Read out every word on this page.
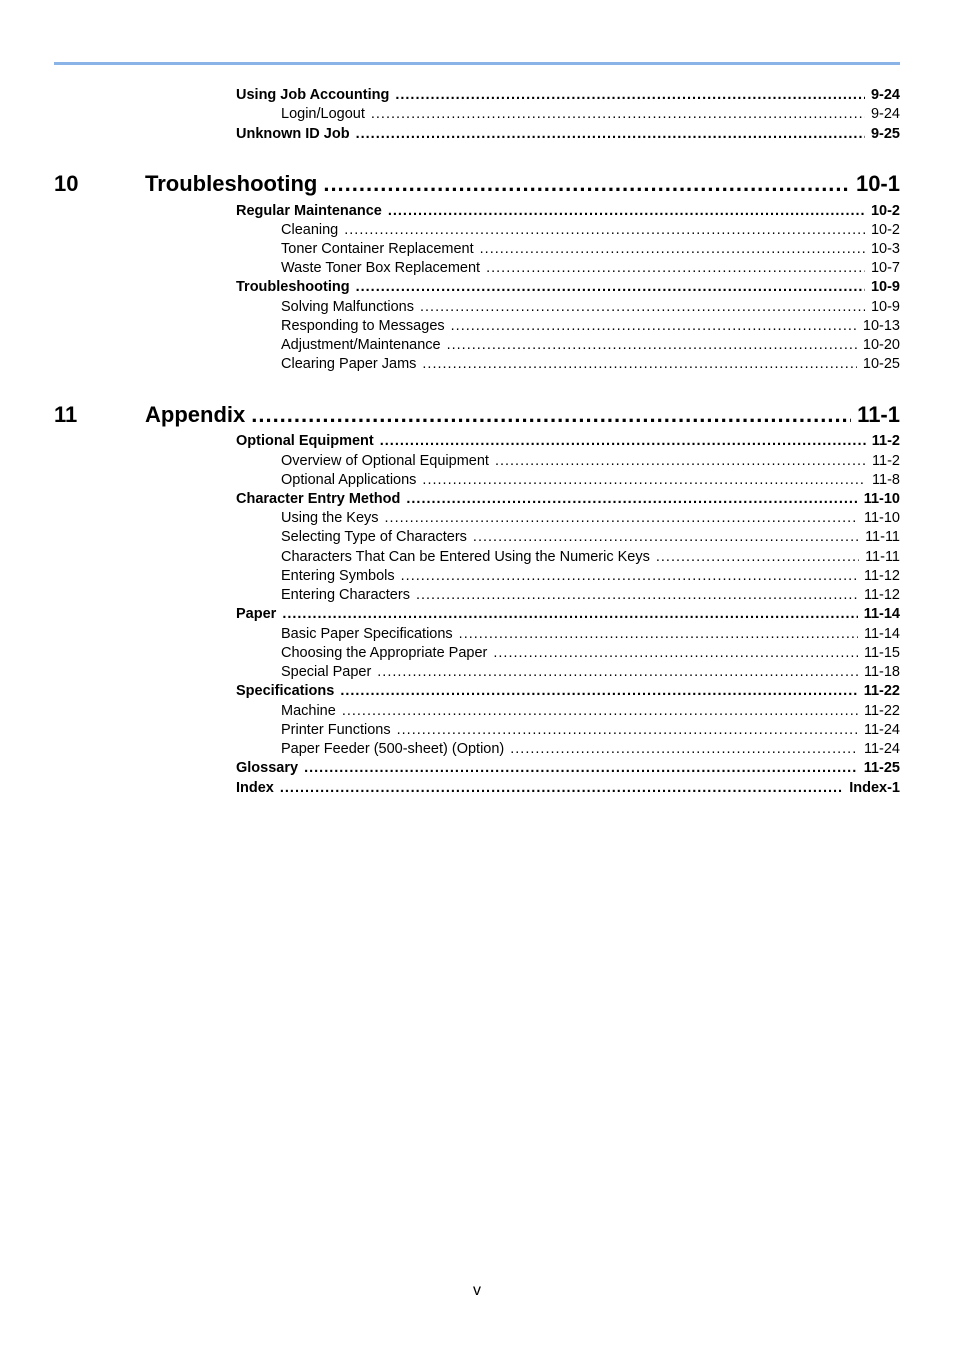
Using Job Accounting .....	9-24
Login/Logout .....	9-24
Unknown ID Job .....	9-25
10	Troubleshooting .....	10-1
Regular Maintenance .....	10-2
Cleaning .....	10-2
Toner Container Replacement .....	10-3
Waste Toner Box Replacement .....	10-7
Troubleshooting .....	10-9
Solving Malfunctions .....	10-9
Responding to Messages .....	10-13
Adjustment/Maintenance .....	10-20
Clearing Paper Jams .....	10-25
11	Appendix .....	11-1
Optional Equipment .....	11-2
Overview of Optional Equipment .....	11-2
Optional Applications .....	11-8
Character Entry Method .....	11-10
Using the Keys .....	11-10
Selecting Type of Characters .....	11-11
Characters That Can be Entered Using the Numeric Keys .....	11-11
Entering Symbols .....	11-12
Entering Characters .....	11-12
Paper .....	11-14
Basic Paper Specifications .....	11-14
Choosing the Appropriate Paper .....	11-15
Special Paper .....	11-18
Specifications .....	11-22
Machine .....	11-22
Printer Functions .....	11-24
Paper Feeder (500-sheet) (Option) .....	11-24
Glossary .....	11-25
Index .....	Index-1
v
